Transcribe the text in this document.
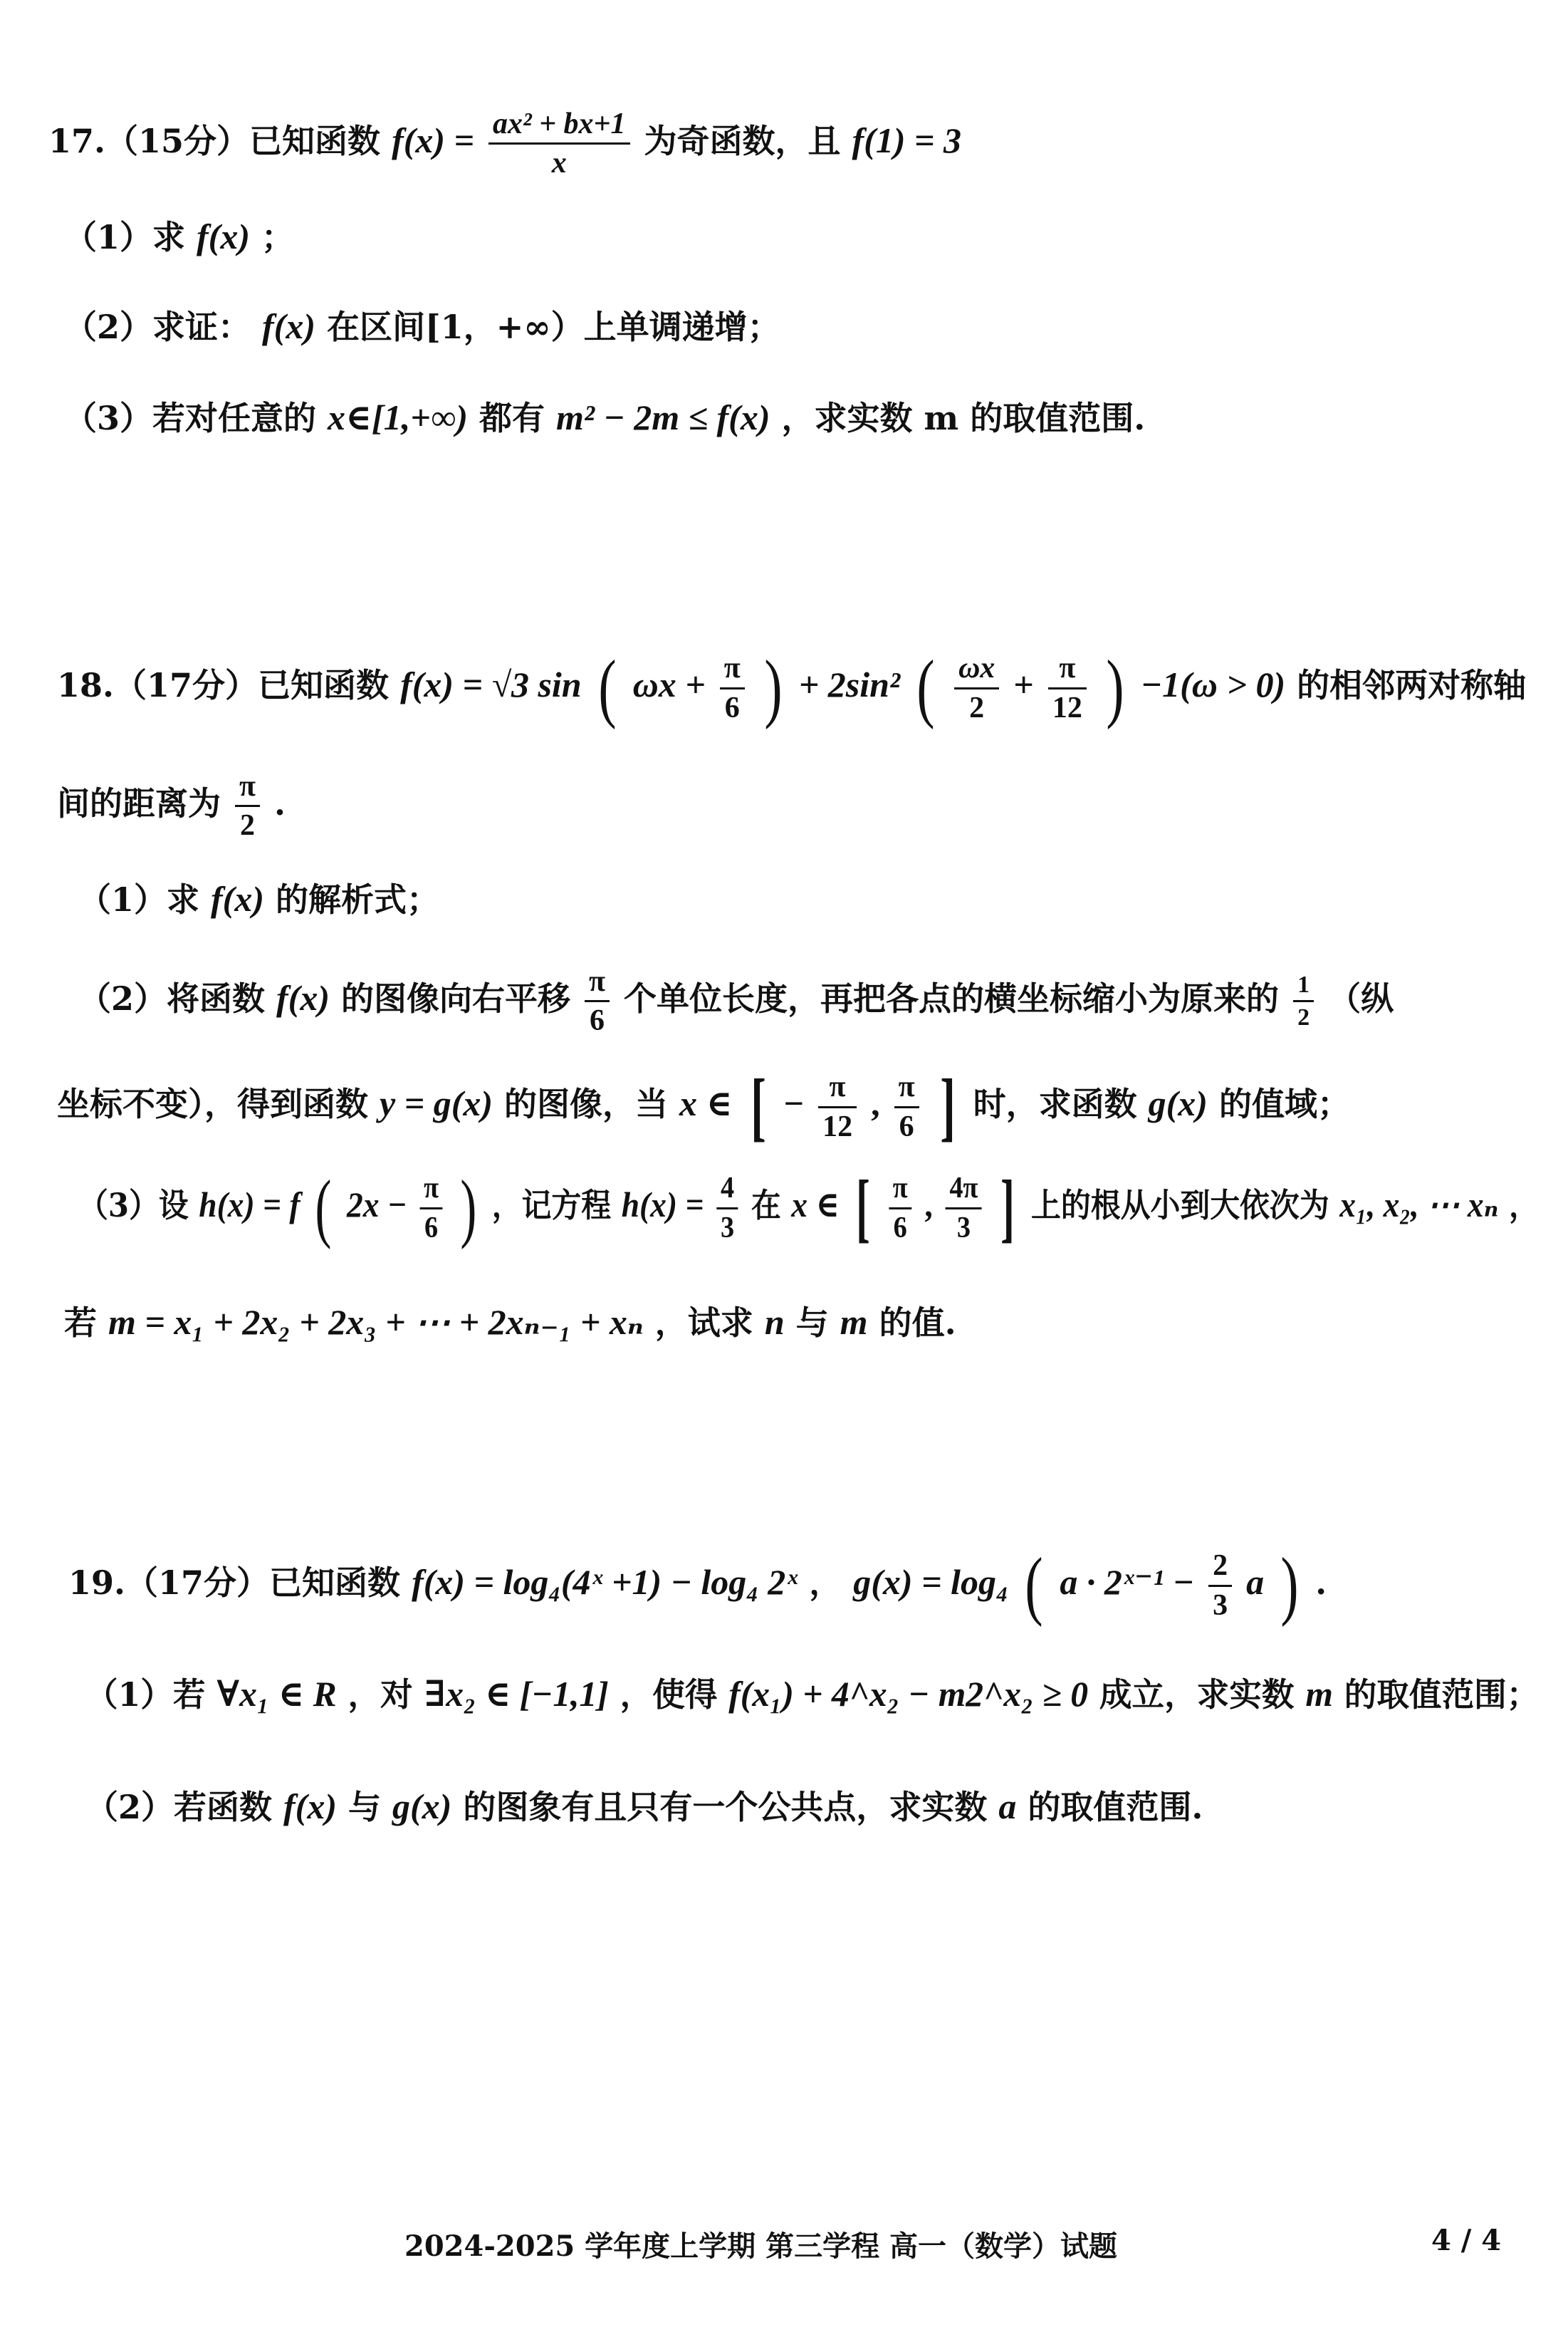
17.（15分）已知函数 $f(x) = \frac{\text{ax² + bx+1}}{x}$ 为奇函数，且 f(1) = 3
（1）求 f(x) ；
（2）求证： f(x) 在区间[1，+∞）上单调递增；
（3）若对任意的 x∈[1,+∞) 都有 m² − 2m ≤ f(x) ，求实数 m 的取值范围.
18.（17分）已知函数 f(x) = √3 sin ( $\omega x + \frac{\pi}{6}$ ) + 2sin² ( $\frac{\omega x}{2} + \frac{\pi}{12}$ ) −1(ω > 0) 的相邻两对称轴
间的距离为 $\frac{\pi}{2}$ .
（1）求 f(x) 的解析式；
（2）将函数 f(x) 的图像向右平移 $\frac{\pi}{6}$ 个单位长度，再把各点的横坐标缩小为原来的 $\frac{1}{2}$ （纵
坐标不变），得到函数 y = g(x) 的图像，当 x ∈ [ − $\frac{\pi}{12}$ , $\frac{\pi}{6}$ ] 时，求函数 g(x) 的值域；
（3）设 h(x) = f ( $2x - \frac{\pi}{6}$ ) ，记方程 $h(x) = \frac{4}{3}$ 在 x ∈ [ $\frac{\pi}{6}$ , $\frac{4\pi}{3}$ ] 上的根从小到大依次为 x₁, x₂, ⋯ xₙ ，
若 m = x₁ + 2x₂ + 2x₃ + ⋯ + 2xₙ₋₁ + xₙ ，试求 n 与 m 的值.
19.（17分）已知函数 f(x) = log₄(4ˣ +1) − log₄ 2ˣ ， g(x) = log₄ ( a · 2ˣ⁻¹ − $\frac{2}{3}$ a ) .
（1）若 ∀x₁ ∈ R ，对 ∃x₂ ∈ [−1,1] ，使得 f(x₁) + 4^x₂ − m2^x₂ ≥ 0 成立，求实数 m 的取值范围；
（2）若函数 f(x) 与 g(x) 的图象有且只有一个公共点，求实数 a 的取值范围.
2024-2025 学年度上学期 第三学程 高一（数学）试题	4 / 4
